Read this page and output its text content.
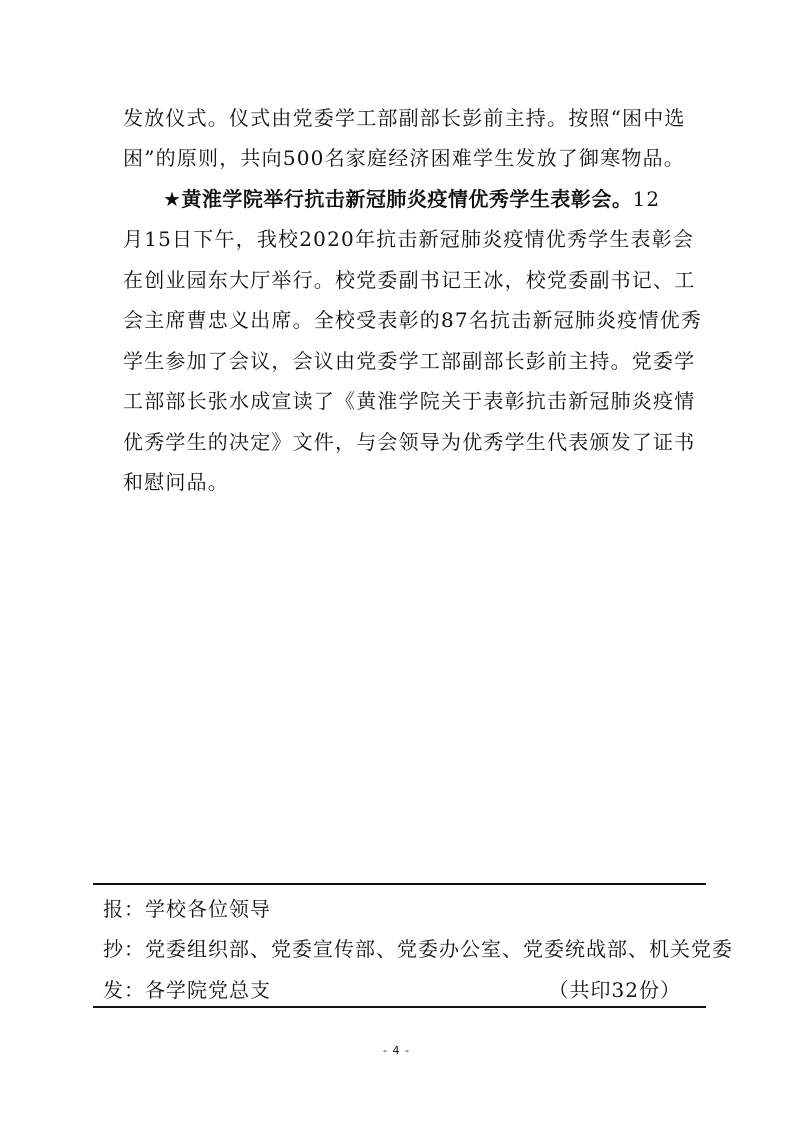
发放仪式。仪式由党委学工部副部长彭前主持。按照“困中选
困”的原则，共向500名家庭经济困难学生发放了御寒物品。
★黄淮学院举行抗击新冠肺炎疫情优秀学生表彰会。12
月15日下午，我校2020年抗击新冠肺炎疫情优秀学生表彰会
在创业园东大厅举行。校党委副书记王冰，校党委副书记、工
会主席曹忠义出席。全校受表彰的87名抗击新冠肺炎疫情优秀
学生参加了会议，会议由党委学工部副部长彭前主持。党委学
工部部长张水成宣读了《黄淮学院关于表彰抗击新冠肺炎疫情
优秀学生的决定》文件，与会领导为优秀学生代表颁发了证书
和慰问品。
报：学校各位领导
抄：党委组织部、党委宣传部、党委办公室、党委统战部、机关党委
发：各学院党总支	（共印32份）
- 4 -
